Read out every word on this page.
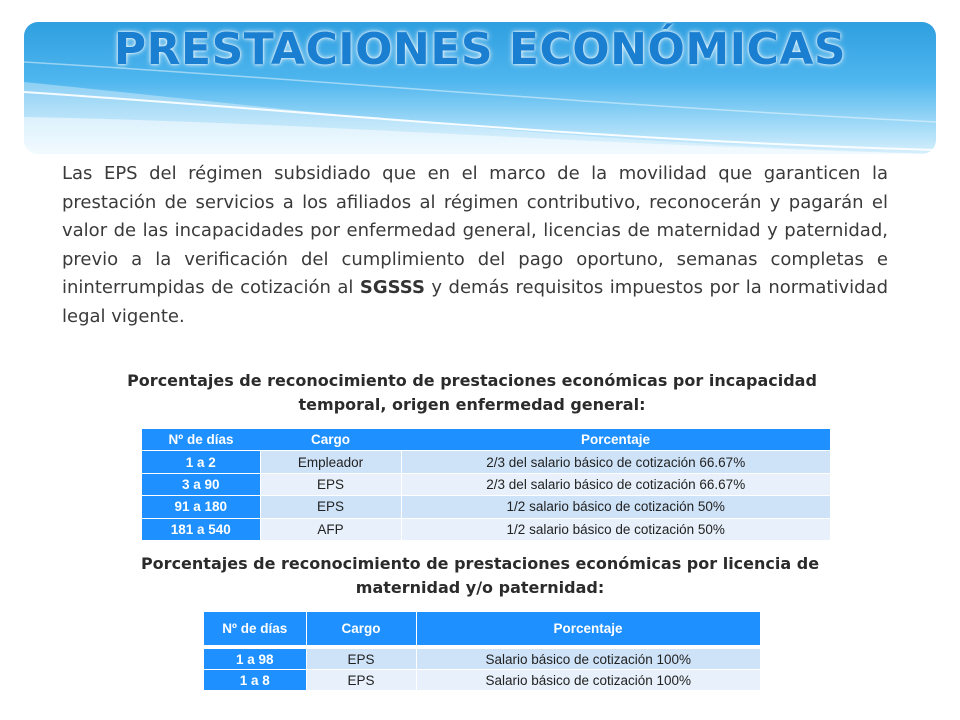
PRESTACIONES ECONÓMICAS

Las EPS del régimen subsidiado que en el marco de la movilidad que garanticen la prestación de servicios a los afiliados al régimen contributivo, reconocerán y pagarán el valor de las incapacidades por enfermedad general, licencias de maternidad y paternidad, previo a la verificación del cumplimiento del pago oportuno, semanas completas e ininterrumpidas de cotización al SGSSS y demás requisitos impuestos por la normatividad legal vigente.

Porcentajes de reconocimiento de prestaciones económicas por incapacidad temporal, origen enfermedad general:

Nº de días	Cargo	Porcentaje
1 a 2	Empleador	2/3 del salario básico de cotización 66.67%
3 a 90	EPS	2/3 del salario básico de cotización 66.67%
91 a 180	EPS	1/2 salario básico de cotización 50%
181 a 540	AFP	1/2 salario básico de cotización 50%

Porcentajes de reconocimiento de prestaciones económicas por licencia de maternidad y/o paternidad:

Nº de días	Cargo	Porcentaje

1 a 98	EPS	Salario básico de cotización 100%
1 a 8	EPS	Salario básico de cotización 100%
